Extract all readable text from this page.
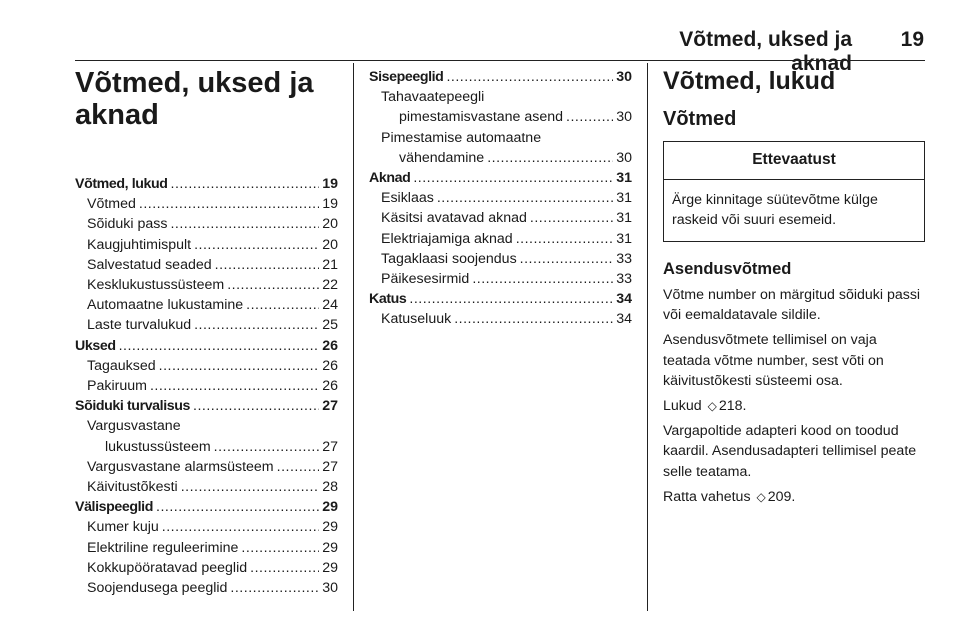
Võtmed, uksed ja aknad
19
Võtmed, uksed ja
aknad
Võtmed, lukud .....	19
Võtmed .....	19
Sõiduki pass .....	20
Kaugjuhtimispult .....	20
Salvestatud seaded .....	21
Kesklukustussüsteem .....	22
Automaatne lukustamine .....	24
Laste turvalukud .....	25
Uksed .....	26
Tagauksed .....	26
Pakiruum .....	26
Sõiduki turvalisus .....	27
Vargusvastane
lukustussüsteem .....	27
Vargusvastane alarmsüsteem .....	27
Käivitustõkesti .....	28
Välispeeglid .....	29
Kumer kuju .....	29
Elektriline reguleerimine .....	29
Kokkupööratavad peeglid .....	29
Soojendusega peeglid .....	30
Sisepeeglid .....	30
Tahavaatepeegli
pimestamisvastane asend .....	30
Pimestamise automaatne
vähendamine .....	30
Aknad .....	31
Esiklaas .....	31
Käsitsi avatavad aknad .....	31
Elektriajamiga aknad .....	31
Tagaklaasi soojendus .....	33
Päikesesirmid .....	33
Katus .....	34
Katuseluuk .....	34
Võtmed, lukud
Võtmed
Ettevaatust
Ärge kinnitage süütevõtme külge raskeid või suuri esemeid.
Asendusvõtmed

Võtme number on märgitud sõiduki passi või eemaldatavale sildile.

Asendusvõtmete tellimisel on vaja teatada võtme number, sest võti on käivitustõkesti süsteemi osa.

Lukud ◇ 218.

Vargapoltide adapteri kood on toodud kaardil. Asendusadapteri tellimisel peate selle teatama.

Ratta vahetus ◇ 209.
